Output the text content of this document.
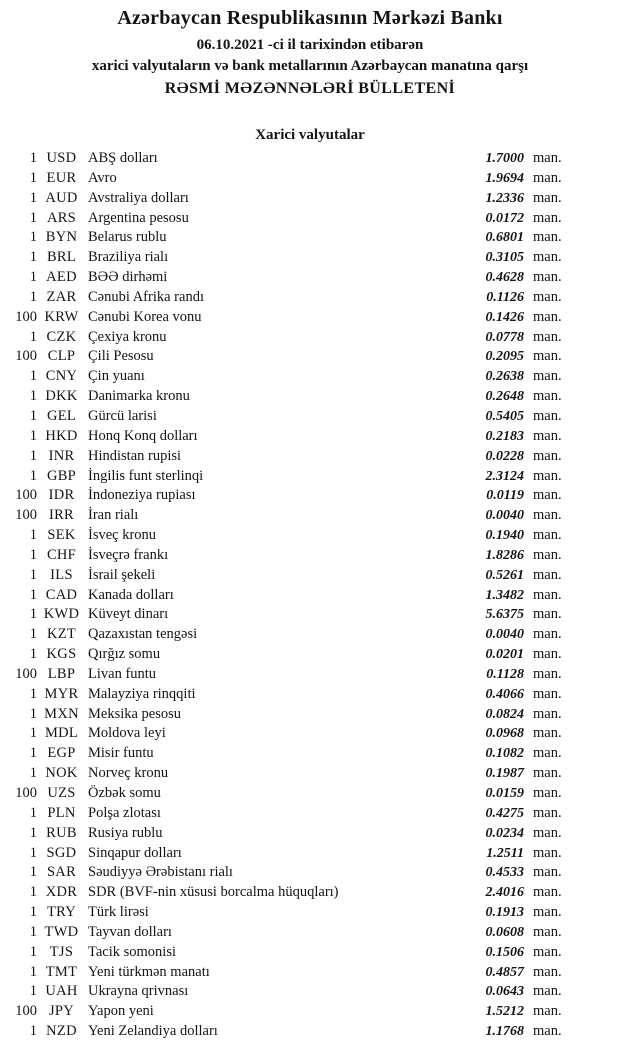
Azərbaycan Respublikasının Mərkəzi Bankı
06.10.2021 -ci il tarixindən etibarən
xarici valyutaların və bank metallarının Azərbaycan manatına qarşı
RƏSMİ MƏZƏNNƏLƏRİ BÜLLETENİ
Xarici valyutalar
1 USD ABŞ dolları	1.7000 man.
1 EUR Avro	1.9694 man.
1 AUD Avstraliya dolları	1.2336 man.
1 ARS Argentina pesosu	0.0172 man.
1 BYN Belarus rublu	0.6801 man.
1 BRL Braziliya rialı	0.3105 man.
1 AED BƏƏ dirhəmi	0.4628 man.
1 ZAR Cənubi Afrika randı	0.1126 man.
100 KRW Cənubi Korea vonu	0.1426 man.
1 CZK Çexiya kronu	0.0778 man.
100 CLP Çili Pesosu	0.2095 man.
1 CNY Çin yuanı	0.2638 man.
1 DKK Danimarka kronu	0.2648 man.
1 GEL Gürcü larisi	0.5405 man.
1 HKD Honq Konq dolları	0.2183 man.
1 INR Hindistan rupisi	0.0228 man.
1 GBP İngilis funt sterlinqi	2.3124 man.
100 IDR İndoneziya rupiası	0.0119 man.
100 IRR İran rialı	0.0040 man.
1 SEK İsveç kronu	0.1940 man.
1 CHF İsveçrə frankı	1.8286 man.
1 ILS	İsrail şekeli	0.5261 man.
1 CAD Kanada dolları	1.3482 man.
1 KWD Küveyt dinarı	5.6375 man.
1 KZT Qazaxıstan tengəsi	0.0040 man.
1 KGS Qırğız somu	0.0201 man.
100 LBP Livan funtu	0.1128 man.
1 MYR Malayziya rinqqiti	0.4066 man.
1 MXN Meksika pesosu	0.0824 man.
1 MDL Moldova leyi	0.0968 man.
1 EGP Misir funtu	0.1082 man.
1 NOK Norveç kronu	0.1987 man.
100 UZS Özbək somu	0.0159 man.
1 PLN Polşa zlotası	0.4275 man.
1 RUB Rusiya rublu	0.0234 man.
1 SGD Sinqapur dolları	1.2511 man.
1 SAR Səudiyyə Ərəbistanı rialı	0.4533 man.
1 XDR SDR (BVF-nin xüsusi borcalma hüquqları)	2.4016 man.
1 TRY Türk lirəsi	0.1913 man.
1 TWD Tayvan dolları	0.0608 man.
1 TJS	Tacik somonisi	0.1506 man.
1 TMT Yeni türkmən manatı	0.4857 man.
1 UAH Ukrayna qrivnası	0.0643 man.
100 JPY Yapon yeni	1.5212 man.
1 NZD Yeni Zelandiya dolları	1.1768 man.
